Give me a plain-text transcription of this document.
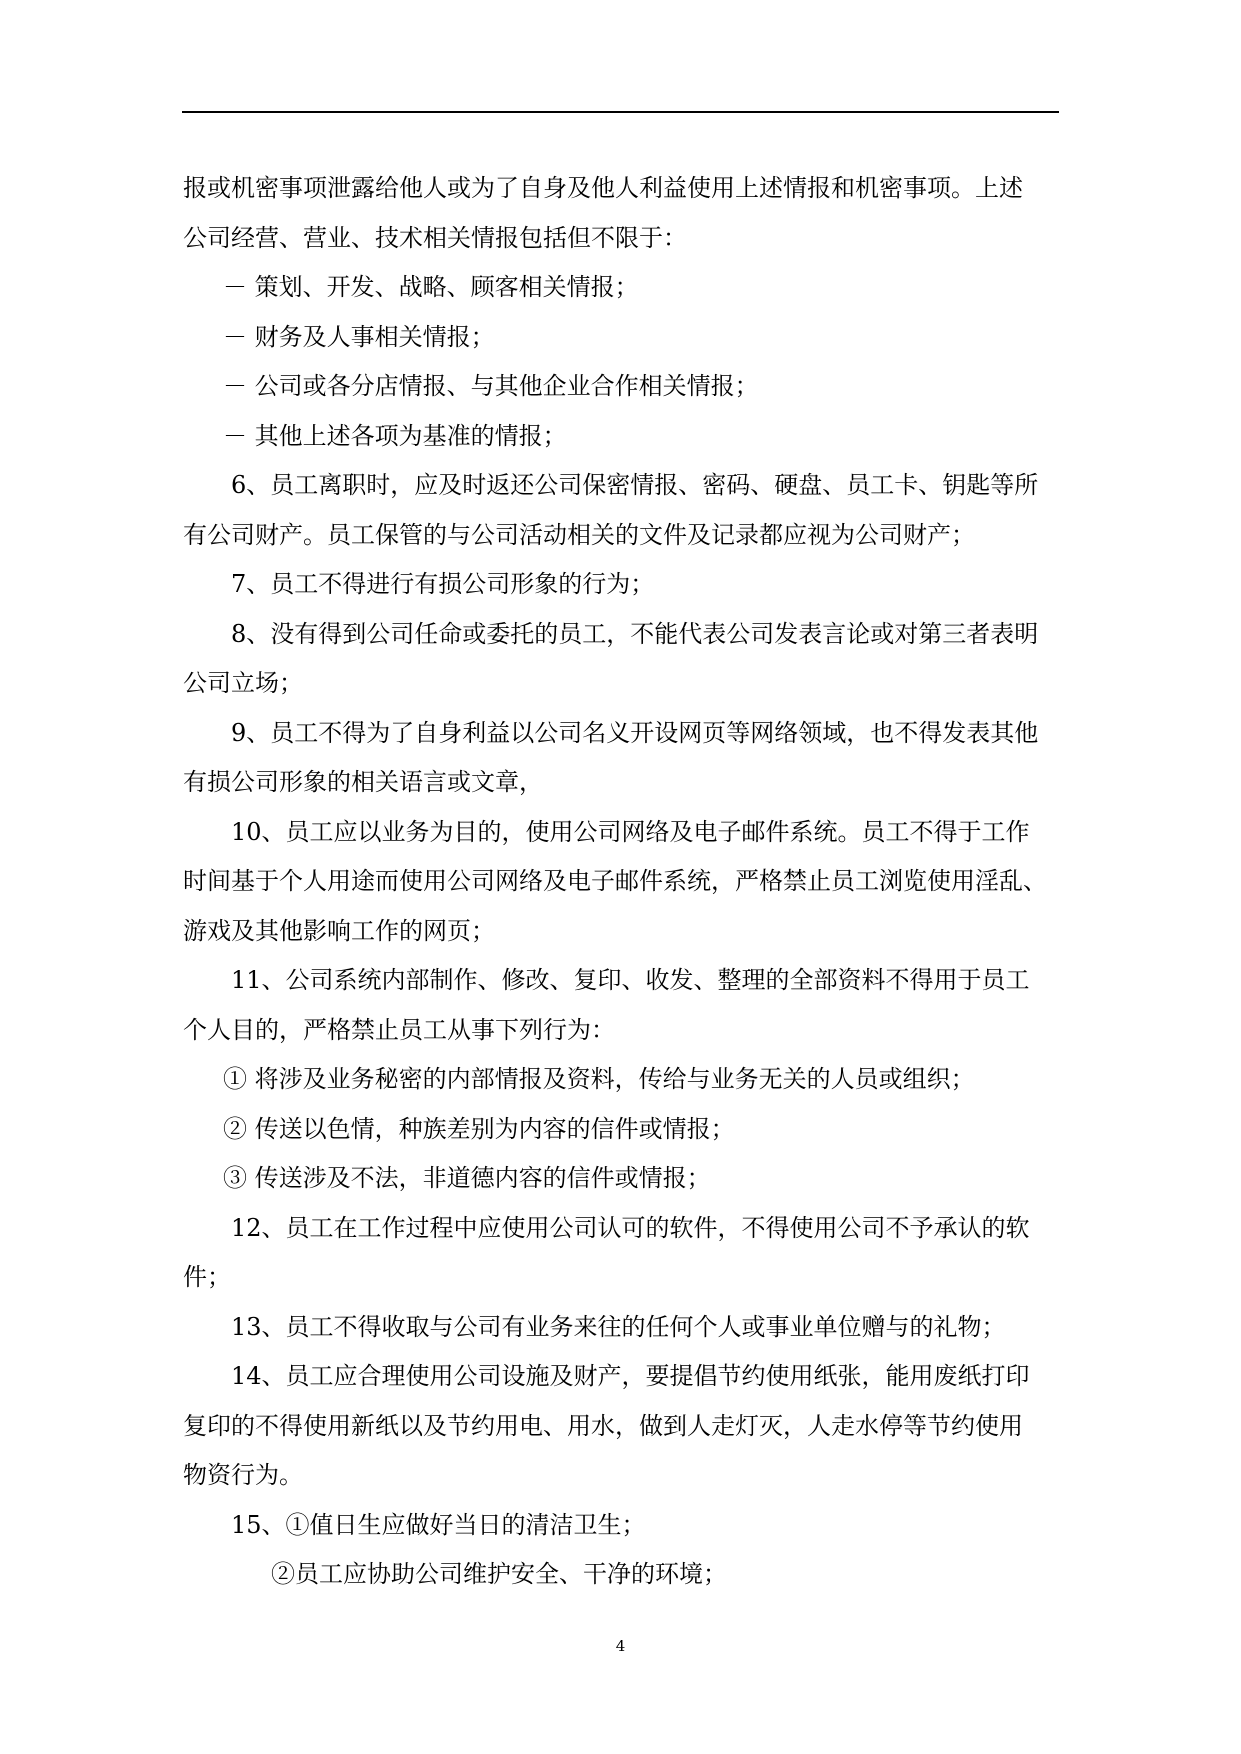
报或机密事项泄露给他人或为了自身及他人利益使用上述情报和机密事项。上述
公司经营、营业、技术相关情报包括但不限于：
－ 策划、开发、战略、顾客相关情报；
－ 财务及人事相关情报；
－ 公司或各分店情报、与其他企业合作相关情报；
－ 其他上述各项为基准的情报；
6、员工离职时，应及时返还公司保密情报、密码、硬盘、员工卡、钥匙等所
有公司财产。员工保管的与公司活动相关的文件及记录都应视为公司财产；
7、员工不得进行有损公司形象的行为；
8、没有得到公司任命或委托的员工，不能代表公司发表言论或对第三者表明
公司立场；
9、员工不得为了自身利益以公司名义开设网页等网络领域，也不得发表其他
有损公司形象的相关语言或文章，
10、员工应以业务为目的，使用公司网络及电子邮件系统。员工不得于工作
时间基于个人用途而使用公司网络及电子邮件系统，严格禁止员工浏览使用淫乱、
游戏及其他影响工作的网页；
11、公司系统内部制作、修改、复印、收发、整理的全部资料不得用于员工
个人目的，严格禁止员工从事下列行为：
① 将涉及业务秘密的内部情报及资料，传给与业务无关的人员或组织；
② 传送以色情，种族差别为内容的信件或情报；
③ 传送涉及不法，非道德内容的信件或情报；
12、员工在工作过程中应使用公司认可的软件，不得使用公司不予承认的软
件；
13、员工不得收取与公司有业务来往的任何个人或事业单位赠与的礼物；
14、员工应合理使用公司设施及财产，要提倡节约使用纸张，能用废纸打印
复印的不得使用新纸以及节约用电、用水，做到人走灯灭，人走水停等节约使用
物资行为。
15、①值日生应做好当日的清洁卫生；
②员工应协助公司维护安全、干净的环境；
4
